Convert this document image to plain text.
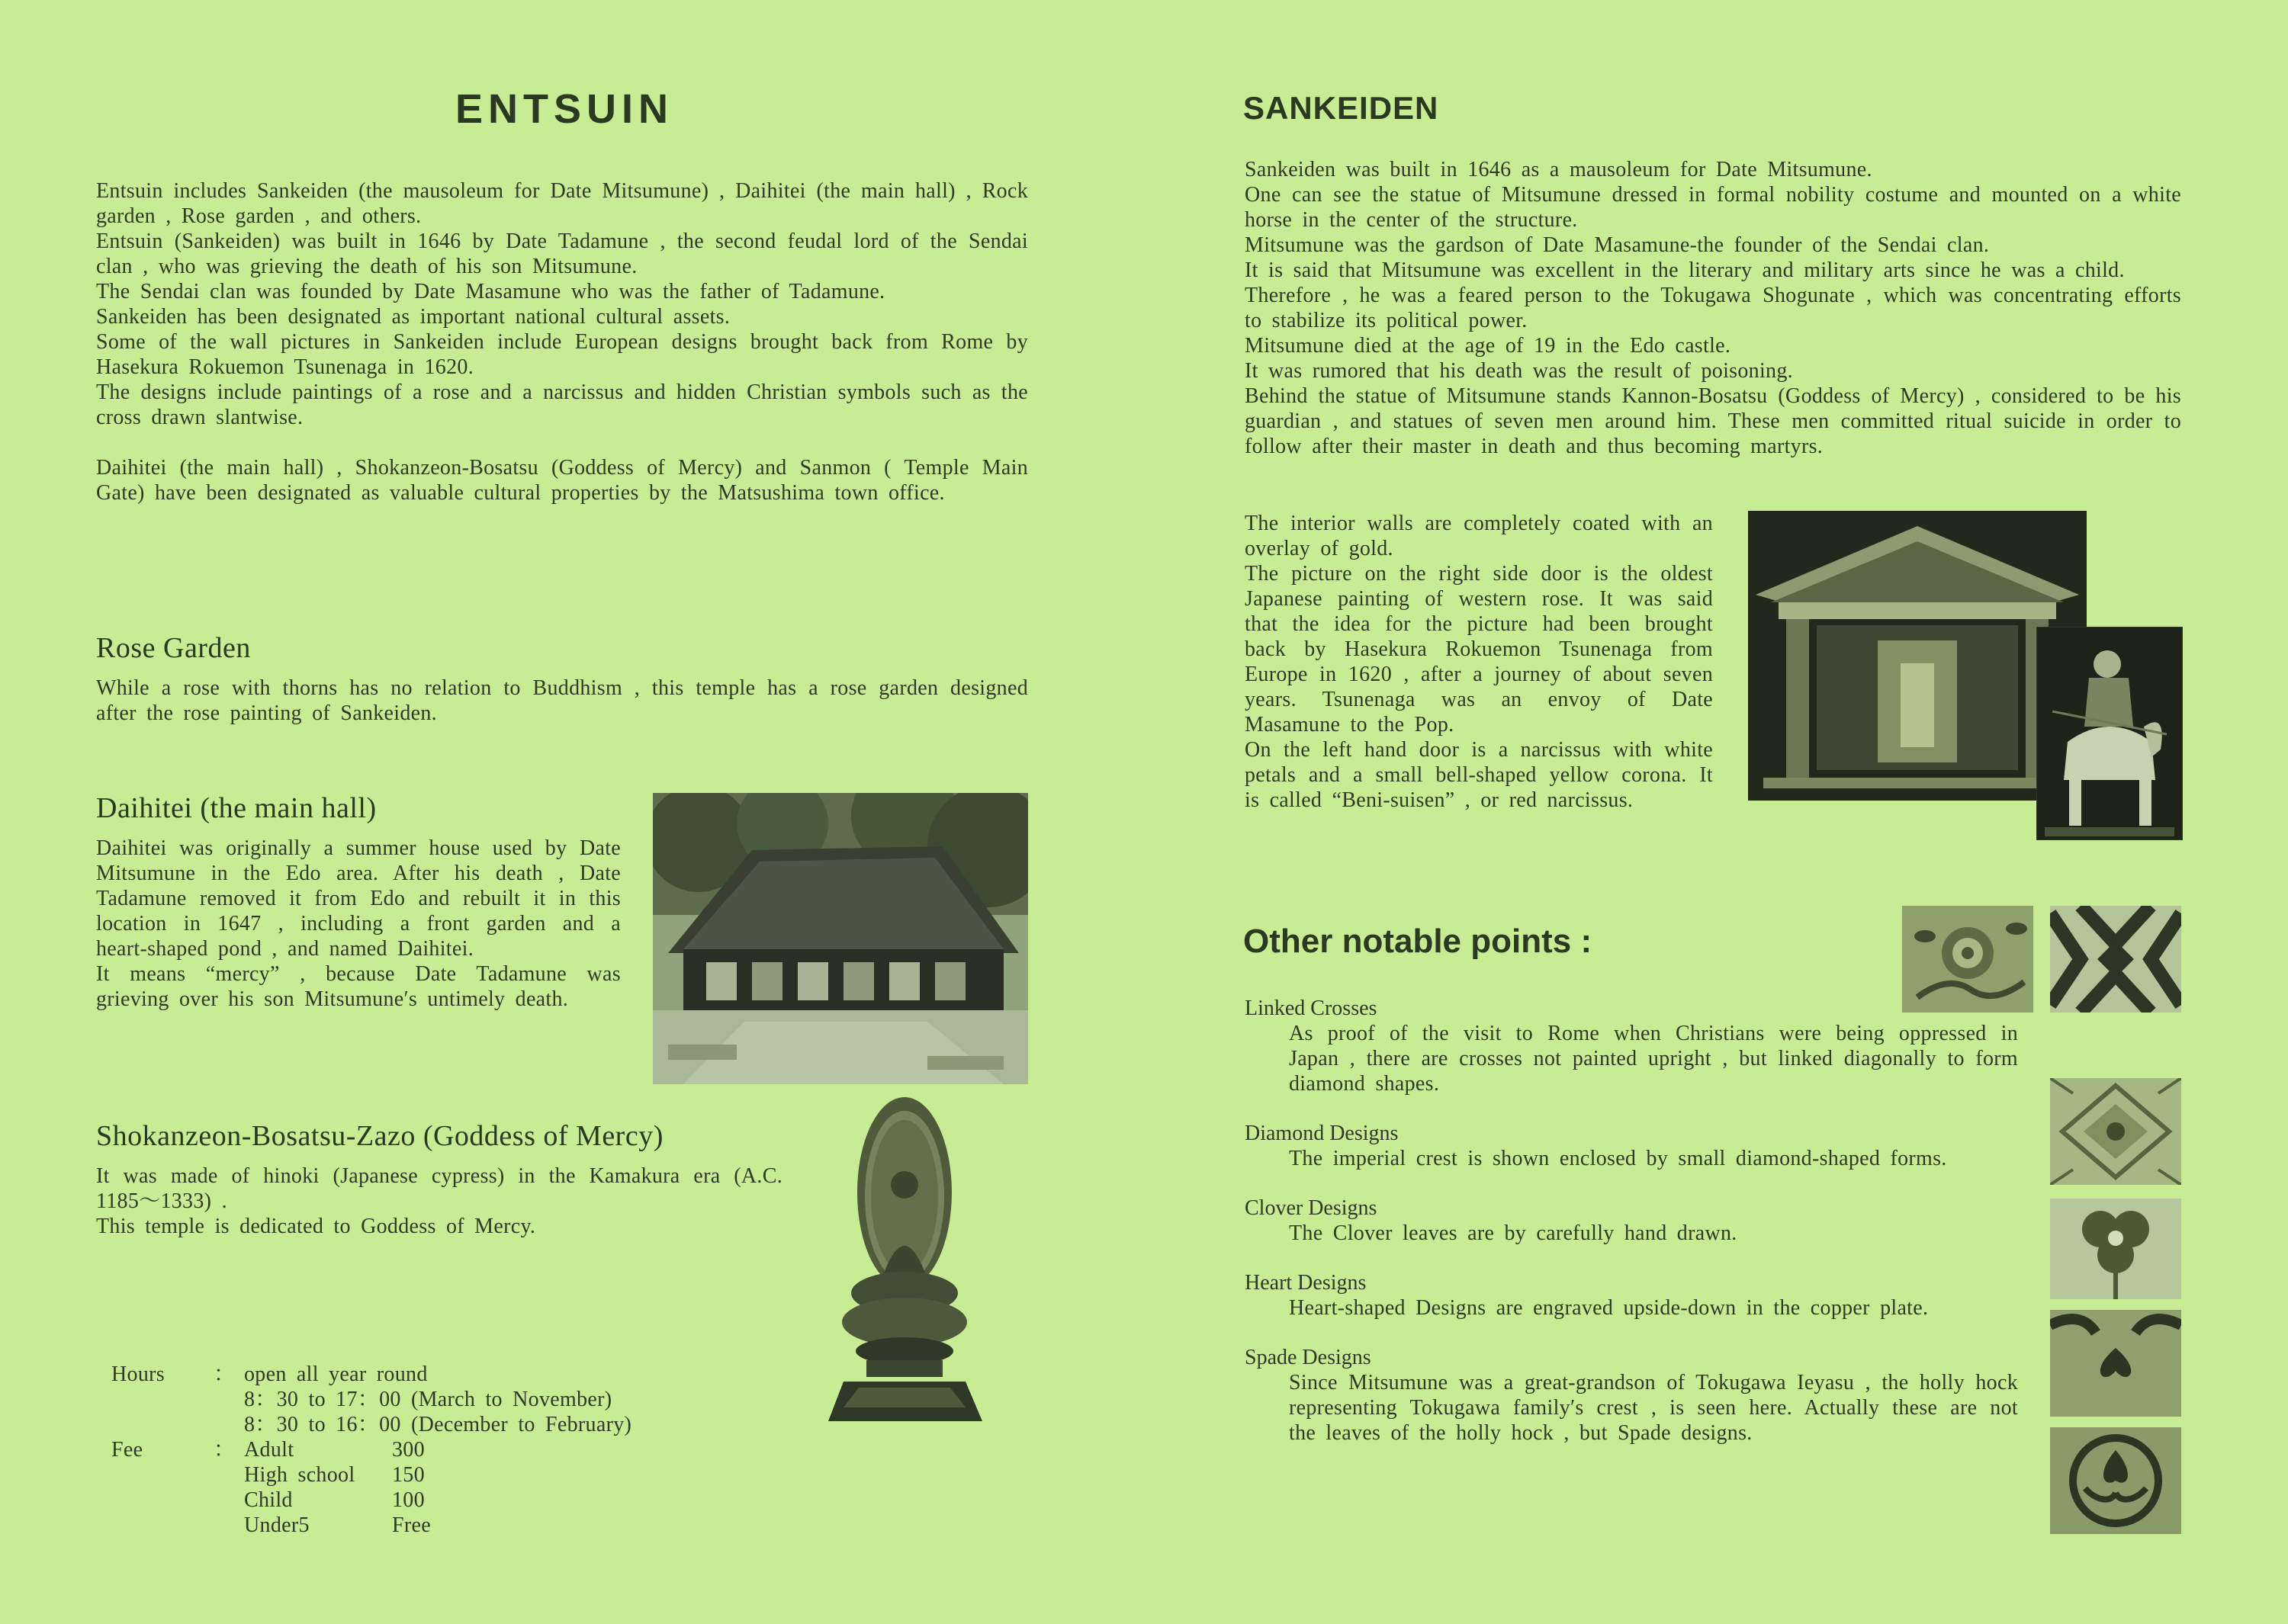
ENTSUIN

Entsuin includes Sankeiden (the mausoleum for Date Mitsumune) , Daihitei (the main hall) , Rock garden , Rose garden , and others.

Entsuin (Sankeiden) was built in 1646 by Date Tadamune , the second feudal lord of the Sendai clan , who was grieving the death of his son Mitsumune.

The Sendai clan was founded by Date Masamune who was the father of Tadamune.

Sankeiden has been designated as important national cultural assets.

Some of the wall pictures in Sankeiden include European designs brought back from Rome by Hasekura Rokuemon Tsunenaga in 1620.

The designs include paintings of a rose and a narcissus and hidden Christian symbols such as the cross drawn slantwise.

Daihitei (the main hall) , Shokanzeon-Bosatsu (Goddess of Mercy) and Sanmon ( Temple Main Gate) have been designated as valuable cultural properties by the Matsushima town office.

Rose Garden
While a rose with thorns has no relation to Buddhism , this temple has a rose garden designed after the rose painting of Sankeiden.
Daihitei (the main hall)

Daihitei was originally a summer house used by Date Mitsumune in the Edo area. After his death , Date Tadamune removed it from Edo and rebuilt it in this location in 1647 , including a front garden and a heart-shaped pond , and named Daihitei.

It means “mercy” , because Date Tadamune was grieving over his son Mitsumune′s untimely death.

Shokanzeon-Bosatsu-Zazo (Goddess of Mercy)

It was made of hinoki (Japanese cypress) in the Kamakura era (A.C. 1185～1333) .

This temple is dedicated to Goddess of Mercy.

Hours	： open all year round
8：30 to 17：00 (March to November)
8：30 to 16：00 (December to February)
Fee	： Adult	300
High school	150
Child	100
Under5	Free
SANKEIDEN

Sankeiden was built in 1646 as a mausoleum for Date Mitsumune.

One can see the statue of Mitsumune dressed in formal nobility costume and mounted on a white horse in the center of the structure.

Mitsumune was the gardson of Date Masamune-the founder of the Sendai clan.

It is said that Mitsumune was excellent in the literary and military arts since he was a child.

Therefore , he was a feared person to the Tokugawa Shogunate , which was concentrating efforts to stabilize its political power.

Mitsumune died at the age of 19 in the Edo castle.

It was rumored that his death was the result of poisoning.

Behind the statue of Mitsumune stands Kannon-Bosatsu (Goddess of Mercy) , considered to be his guardian , and statues of seven men around him. These men committed ritual suicide in order to follow after their master in death and thus becoming martyrs.

The interior walls are completely coated with an overlay of gold.

The picture on the right side door is the oldest Japanese painting of western rose. It was said that the idea for the picture had been brought back by Hasekura Rokuemon Tsunenaga from Europe in 1620 , after a journey of about seven years. Tsunenaga was an envoy of Date Masamune to the Pop.

On the left hand door is a narcissus with white petals and a small bell-shaped yellow corona. It is called “Beni-suisen” , or red narcissus.

Other notable points :
Linked Crosses
As proof of the visit to Rome when Christians were being oppressed in Japan , there are crosses not painted upright , but linked diagonally to form diamond shapes.
Diamond Designs
The imperial crest is shown enclosed by small diamond-shaped forms.
Clover Designs
The Clover leaves are by carefully hand drawn.
Heart Designs
Heart-shaped Designs are engraved upside-down in the copper plate.
Spade Designs
Since Mitsumune was a great-grandson of Tokugawa Ieyasu , the holly hock representing Tokugawa family′s crest , is seen here. Actually these are not the leaves of the holly hock , but Spade designs.
